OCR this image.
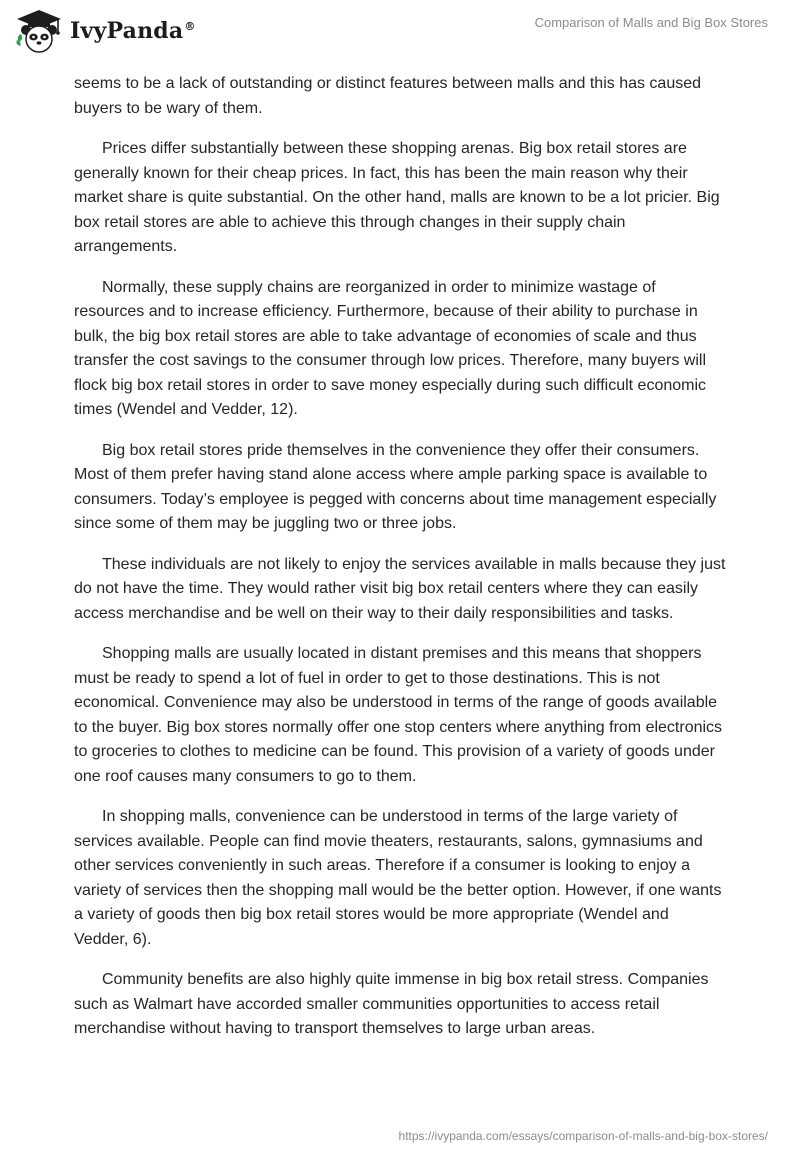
IvyPanda®	Comparison of Malls and Big Box Stores

seems to be a lack of outstanding or distinct features between malls and this has caused buyers to be wary of them.

Prices differ substantially between these shopping arenas. Big box retail stores are generally known for their cheap prices. In fact, this has been the main reason why their market share is quite substantial. On the other hand, malls are known to be a lot pricier. Big box retail stores are able to achieve this through changes in their supply chain arrangements.

Normally, these supply chains are reorganized in order to minimize wastage of resources and to increase efficiency. Furthermore, because of their ability to purchase in bulk, the big box retail stores are able to take advantage of economies of scale and thus transfer the cost savings to the consumer through low prices. Therefore, many buyers will flock big box retail stores in order to save money especially during such difficult economic times (Wendel and Vedder, 12).

Big box retail stores pride themselves in the convenience they offer their consumers. Most of them prefer having stand alone access where ample parking space is available to consumers. Today’s employee is pegged with concerns about time management especially since some of them may be juggling two or three jobs.

These individuals are not likely to enjoy the services available in malls because they just do not have the time. They would rather visit big box retail centers where they can easily access merchandise and be well on their way to their daily responsibilities and tasks.

Shopping malls are usually located in distant premises and this means that shoppers must be ready to spend a lot of fuel in order to get to those destinations. This is not economical. Convenience may also be understood in terms of the range of goods available to the buyer. Big box stores normally offer one stop centers where anything from electronics to groceries to clothes to medicine can be found. This provision of a variety of goods under one roof causes many consumers to go to them.

In shopping malls, convenience can be understood in terms of the large variety of services available. People can find movie theaters, restaurants, salons, gymnasiums and other services conveniently in such areas. Therefore if a consumer is looking to enjoy a variety of services then the shopping mall would be the better option. However, if one wants a variety of goods then big box retail stores would be more appropriate (Wendel and Vedder, 6).

Community benefits are also highly quite immense in big box retail stress. Companies such as Walmart have accorded smaller communities opportunities to access retail merchandise without having to transport themselves to large urban areas.

https://ivypanda.com/essays/comparison-of-malls-and-big-box-stores/
